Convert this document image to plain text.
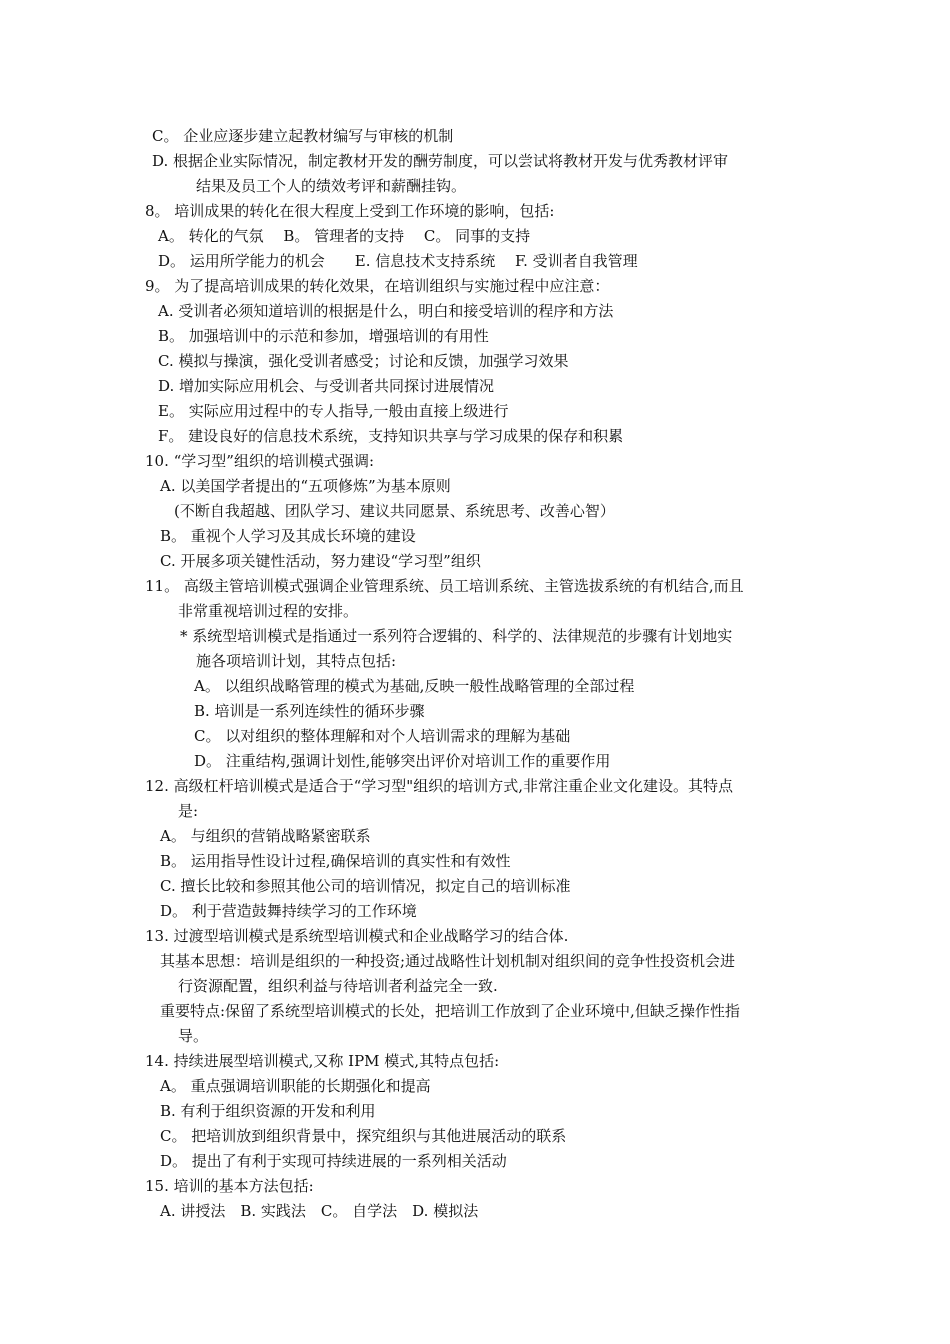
C。 企业应逐步建立起教材编写与审核的机制
D. 根据企业实际情况，制定教材开发的酬劳制度，可以尝试将教材开发与优秀教材评审
结果及员工个人的绩效考评和薪酬挂钩。
8。 培训成果的转化在很大程度上受到工作环境的影响，包括:
A。 转化的气氛　 B。 管理者的支持　 C。 同事的支持
D。 运用所学能力的机会　　E. 信息技术支持系统　 F. 受训者自我管理
9。 为了提高培训成果的转化效果，在培训组织与实施过程中应注意：
A. 受训者必须知道培训的根据是什么，明白和接受培训的程序和方法
B。 加强培训中的示范和参加，增强培训的有用性
C. 模拟与操演，强化受训者感受；讨论和反馈，加强学习效果
D. 增加实际应用机会、与受训者共同探讨进展情况
E。 实际应用过程中的专人指导,一般由直接上级进行
F。 建设良好的信息技术系统，支持知识共享与学习成果的保存和积累
10. “学习型”组织的培训模式强调:
A. 以美国学者提出的“五项修炼”为基本原则
(不断自我超越、团队学习、建议共同愿景、系统思考、改善心智）
B。 重视个人学习及其成长环境的建设
C. 开展多项关键性活动，努力建设“学习型”组织
11。 高级主管培训模式强调企业管理系统、员工培训系统、主管选拔系统的有机结合,而且
非常重视培训过程的安排。
* 系统型培训模式是指通过一系列符合逻辑的、科学的、法律规范的步骤有计划地实
施各项培训计划，其特点包括:
A。 以组织战略管理的模式为基础,反映一般性战略管理的全部过程
B. 培训是一系列连续性的循环步骤
C。 以对组织的整体理解和对个人培训需求的理解为基础
D。 注重结构,强调计划性,能够突出评价对培训工作的重要作用
12. 高级杠杆培训模式是适合于“学习型"组织的培训方式,非常注重企业文化建设。其特点
是:
A。 与组织的营销战略紧密联系
B。 运用指导性设计过程,确保培训的真实性和有效性
C. 擅长比较和参照其他公司的培训情况，拟定自己的培训标准
D。 利于营造鼓舞持续学习的工作环境
13. 过渡型培训模式是系统型培训模式和企业战略学习的结合体.
其基本思想：培训是组织的一种投资;通过战略性计划机制对组织间的竞争性投资机会进
行资源配置，组织利益与待培训者利益完全一致.
重要特点:保留了系统型培训模式的长处，把培训工作放到了企业环境中,但缺乏操作性指
导。
14. 持续进展型培训模式,又称 IPM 模式,其特点包括:
A。 重点强调培训职能的长期强化和提高
B. 有利于组织资源的开发和利用
C。 把培训放到组织背景中，探究组织与其他进展活动的联系
D。 提出了有利于实现可持续进展的一系列相关活动
15. 培训的基本方法包括:
A. 讲授法　B. 实践法　C。 自学法　D. 模拟法
